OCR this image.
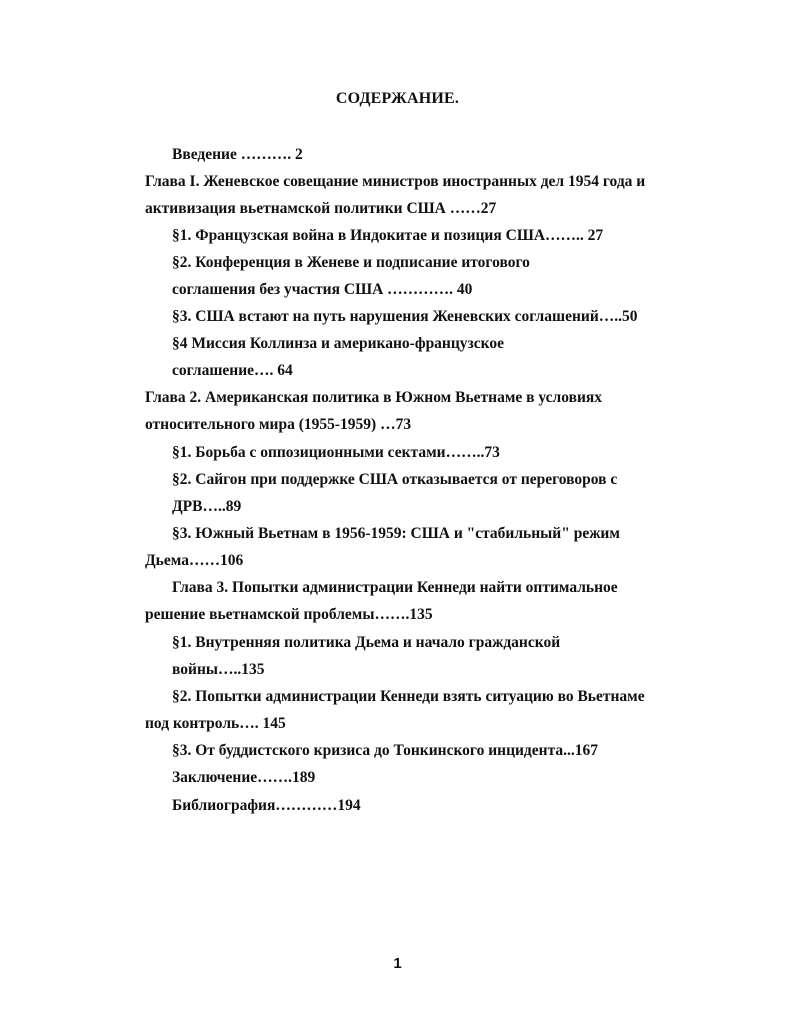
СОДЕРЖАНИЕ.
Введение ………. 2
Глава I. Женевское совещание министров иностранных дел 1954 года и
активизация вьетнамской политики США ……27
§1. Французская война в Индокитае и позиция США…….. 27
§2. Конференция в Женеве и подписание итогового
соглашения без участия США …………. 40
§3. США встают на путь нарушения Женевских соглашений…..50
§4 Миссия Коллинза и американо-французское
соглашение…. 64
Глава 2. Американская политика в Южном Вьетнаме в условиях
относительного мира (1955-1959) …73
§1. Борьба с оппозиционными сектами……..73
§2. Сайгон при поддержке США отказывается от переговоров с
ДРВ…..89
§3. Южный Вьетнам в 1956-1959: США и "стабильный" режим
Дьема……106
Глава 3. Попытки администрации Кеннеди найти оптимальное
решение вьетнамской проблемы…….135
§1. Внутренняя политика Дьема и начало гражданской
войны…..135
§2. Попытки администрации Кеннеди взять ситуацию во Вьетнаме
под контроль…. 145
§3. От буддистского кризиса до Тонкинского инцидента...167
Заключение…….189
Библиография…………194
1
